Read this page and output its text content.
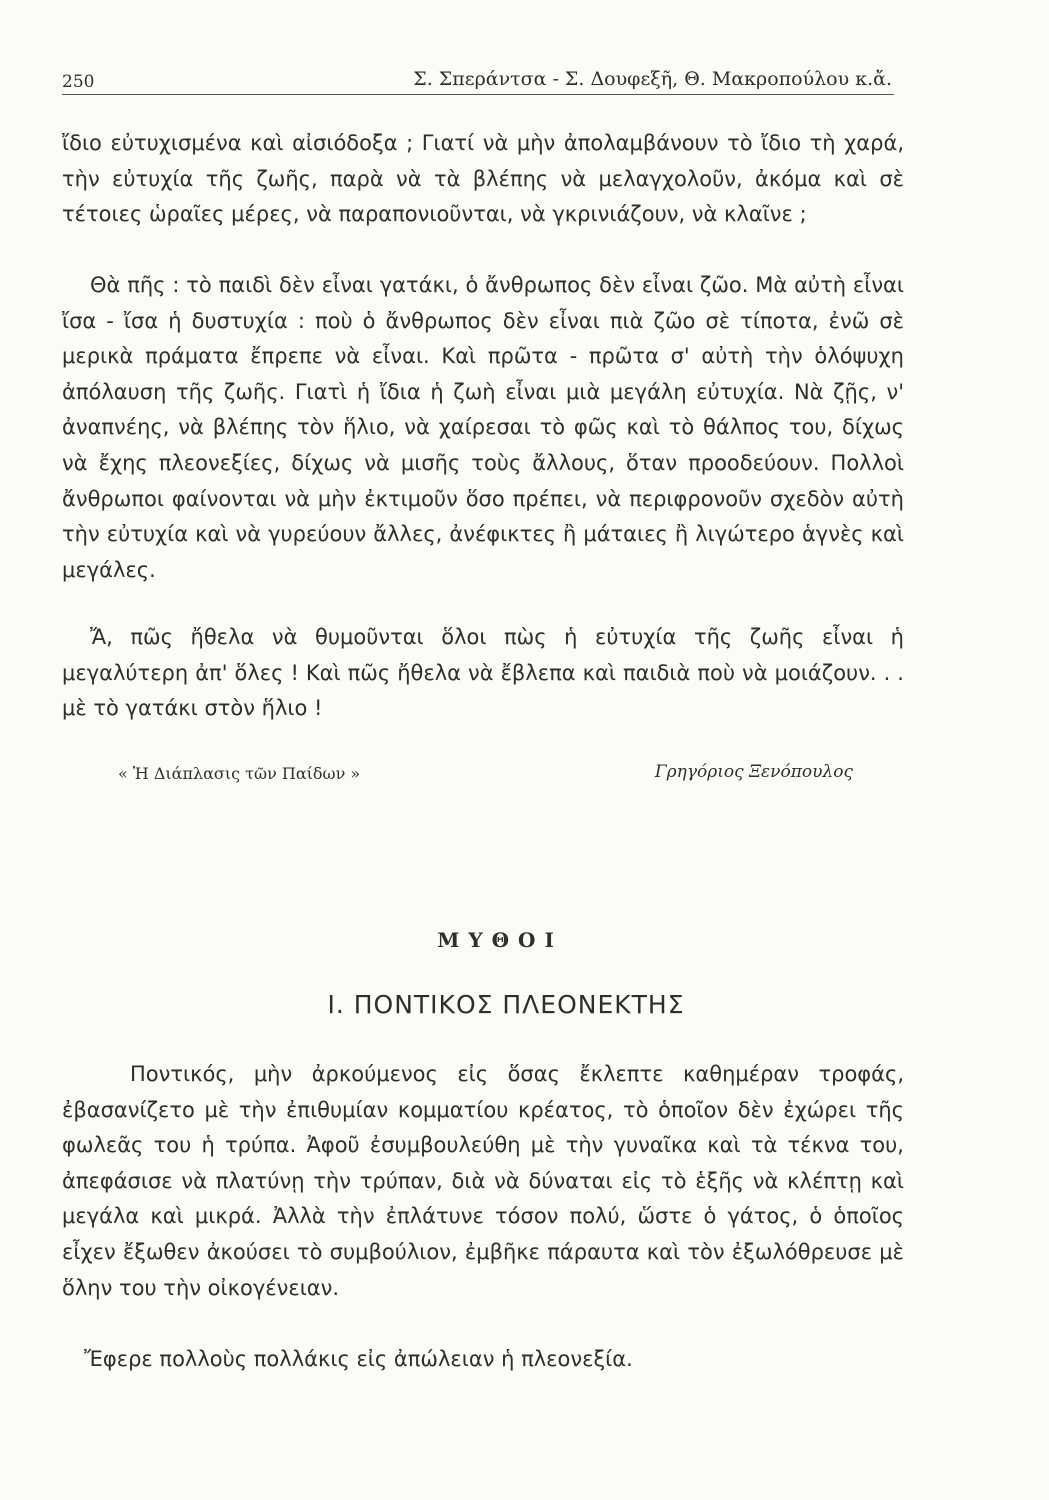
250	Σ. Σπεράντσα - Σ. Δουφεξῆ, Θ. Μακροπούλου κ.ἄ.

ἴδιο εὐτυχισμένα καὶ αἰσιόδοξα ; Γιατί νὰ μὴν ἀπολαμβάνουν τὸ ἴδιο τὴ χαρά, τὴν εὐτυχία τῆς ζωῆς, παρὰ νὰ τὰ βλέπης νὰ μελαγχολοῦν, ἀκόμα καὶ σὲ τέτοιες ὡραῖες μέρες, νὰ παραπονιοῦνται, νὰ γκρινιάζουν, νὰ κλαῖνε ;

Θὰ πῆς : τὸ παιδὶ δὲν εἶναι γατάκι, ὁ ἄνθρωπος δὲν εἶναι ζῶο. Μὰ αὐτὴ εἶναι ἴσα - ἴσα ἡ δυστυχία : ποὺ ὁ ἄνθρωπος δὲν εἶναι πιὰ ζῶο σὲ τίποτα, ἐνῶ σὲ μερικὰ πράματα ἔπρεπε νὰ εἶναι. Καὶ πρῶτα - πρῶτα σ' αὐτὴ τὴν ὁλόψυχη ἀπόλαυση τῆς ζωῆς. Γιατὶ ἡ ἴδια ἡ ζωὴ εἶναι μιὰ μεγάλη εὐτυχία. Νὰ ζῇς, ν' ἀναπνέης, νὰ βλέπης τὸν ἥλιο, νὰ χαίρεσαι τὸ φῶς καὶ τὸ θάλπος του, δίχως νὰ ἔχης πλεονεξίες, δίχως νὰ μισῆς τοὺς ἄλλους, ὅταν προοδεύουν. Πολλοὶ ἄνθρωποι φαίνονται νὰ μὴν ἐκτιμοῦν ὅσο πρέπει, νὰ περιφρονοῦν σχεδὸν αὐτὴ τὴν εὐτυχία καὶ νὰ γυρεύουν ἄλλες, ἀνέφικτες ἢ μάταιες ἢ λιγώτερο ἁγνὲς καὶ μεγάλες.

Ἄ, πῶς ἤθελα νὰ θυμοῦνται ὅλοι πὼς ἡ εὐτυχία τῆς ζωῆς εἶναι ἡ μεγαλύτερη ἀπ' ὅλες ! Καὶ πῶς ἤθελα νὰ ἔβλεπα καὶ παιδιὰ ποὺ νὰ μοιάζουν. . . μὲ τὸ γατάκι στὸν ἥλιο !

« Ἡ Διάπλασις τῶν Παίδων »	Γρηγόριος Ξενόπουλος
ΜΥΘΟΙ
Ι. ΠΟΝΤΙΚΟΣ ΠΛΕΟΝΕΚΤΗΣ

Ποντικός, μὴν ἀρκούμενος εἰς ὅσας ἔκλεπτε καθημέραν τροφάς, ἐβασανίζετο μὲ τὴν ἐπιθυμίαν κομματίου κρέατος, τὸ ὁποῖον δὲν ἐχώρει τῆς φωλεᾶς του ἡ τρύπα. Ἀφοῦ ἐσυμβουλεύθη μὲ τὴν γυναῖκα καὶ τὰ τέκνα του, ἀπεφάσισε νὰ πλατύνῃ τὴν τρύπαν, διὰ νὰ δύναται εἰς τὸ ἑξῆς νὰ κλέπτῃ καὶ μεγάλα καὶ μικρά. Ἀλλὰ τὴν ἐπλάτυνε τόσον πολύ, ὥστε ὁ γάτος, ὁ ὁποῖος εἶχεν ἔξωθεν ἀκούσει τὸ συμβούλιον, ἐμβῆκε πάραυτα καὶ τὸν ἐξωλόθρευσε μὲ ὅλην του τὴν οἰκογένειαν.

Ἔφερε πολλοὺς πολλάκις εἰς ἀπώλειαν ἡ πλεονεξία.
